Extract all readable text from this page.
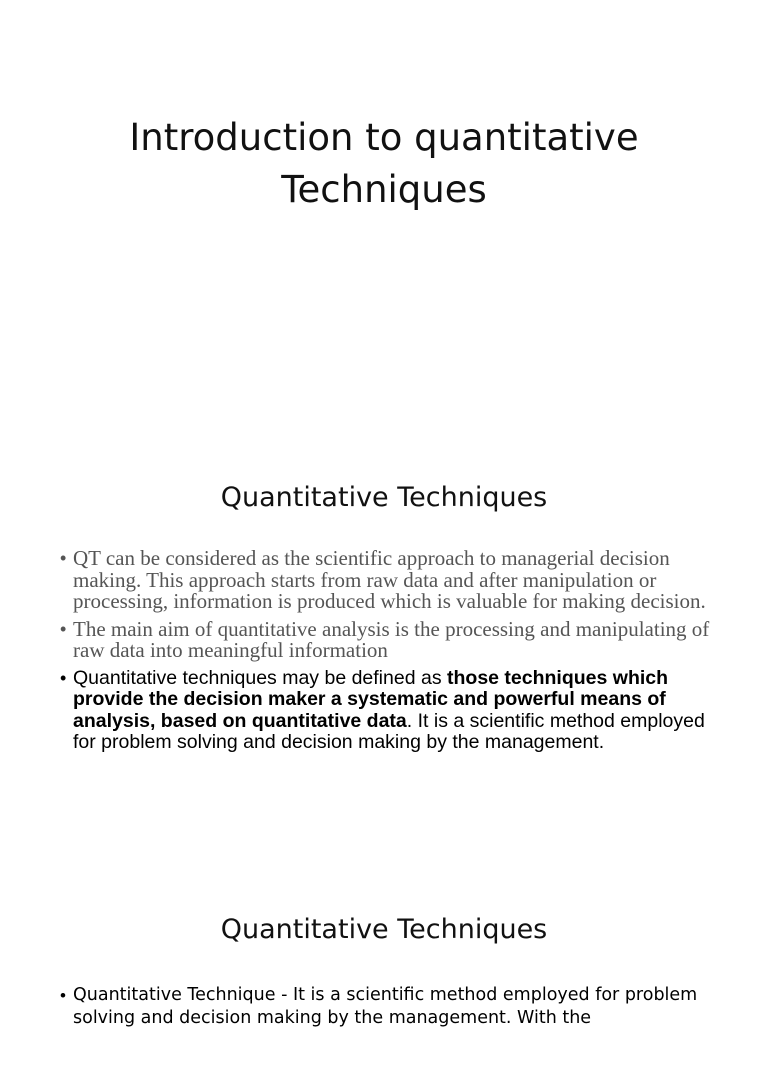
Introduction to quantitative
Techniques
Quantitative Techniques
• QT can be considered as the scientific approach to managerial decision making. This approach starts from raw data and after manipulation or processing, information is produced which is valuable for making decision.
• The main aim of quantitative analysis is the processing and manipulating of raw data into meaningful information
• Quantitative techniques may be defined as those techniques which provide the decision maker a systematic and powerful means of analysis, based on quantitative data. It is a scientific method employed for problem solving and decision making by the management.
Quantitative Techniques
• Quantitative Technique - It is a scientific method employed for problem solving and decision making by the management. With the
